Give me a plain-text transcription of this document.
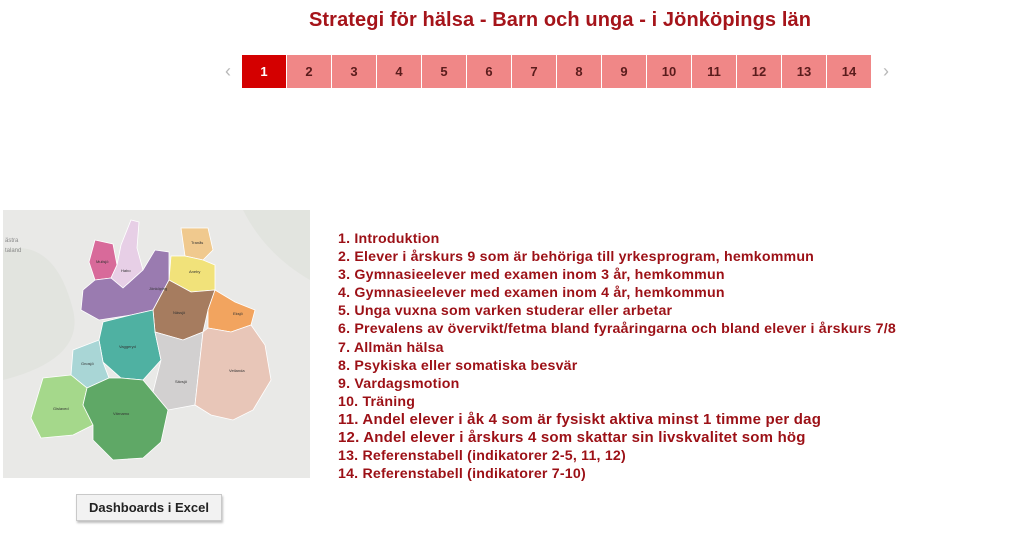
Strategi för hälsa - Barn och unga - i Jönköpings län
‹	1	2	3	4	5	6	7	8	9	10	11	12	13	14	›
ästra
taland
Mullsjö
Habo
Tranås
Aneby
Jönköping
Nässjö	Eksjö
Vaggeryd
Gnosjö
Sävsjö
Vetlanda
Gislaved
Värnamo
Dashboards i Excel
1. Introduktion
2. Elever i årskurs 9 som är behöriga till yrkesprogram, hemkommun
3. Gymnasieelever med examen inom 3 år, hemkommun
4. Gymnasieelever med examen inom 4 år, hemkommun
5. Unga vuxna som varken studerar eller arbetar
6. Prevalens av övervikt/fetma bland fyraåringarna och bland elever i årskurs 7/8
7. Allmän hälsa
8. Psykiska eller somatiska besvär
9. Vardagsmotion
10. Träning
11. Andel elever i åk 4 som är fysiskt aktiva minst 1 timme per dag
12. Andel elever i årskurs 4 som skattar sin livskvalitet som hög
13. Referenstabell (indikatorer 2-5, 11, 12)
14. Referenstabell (indikatorer 7-10)
